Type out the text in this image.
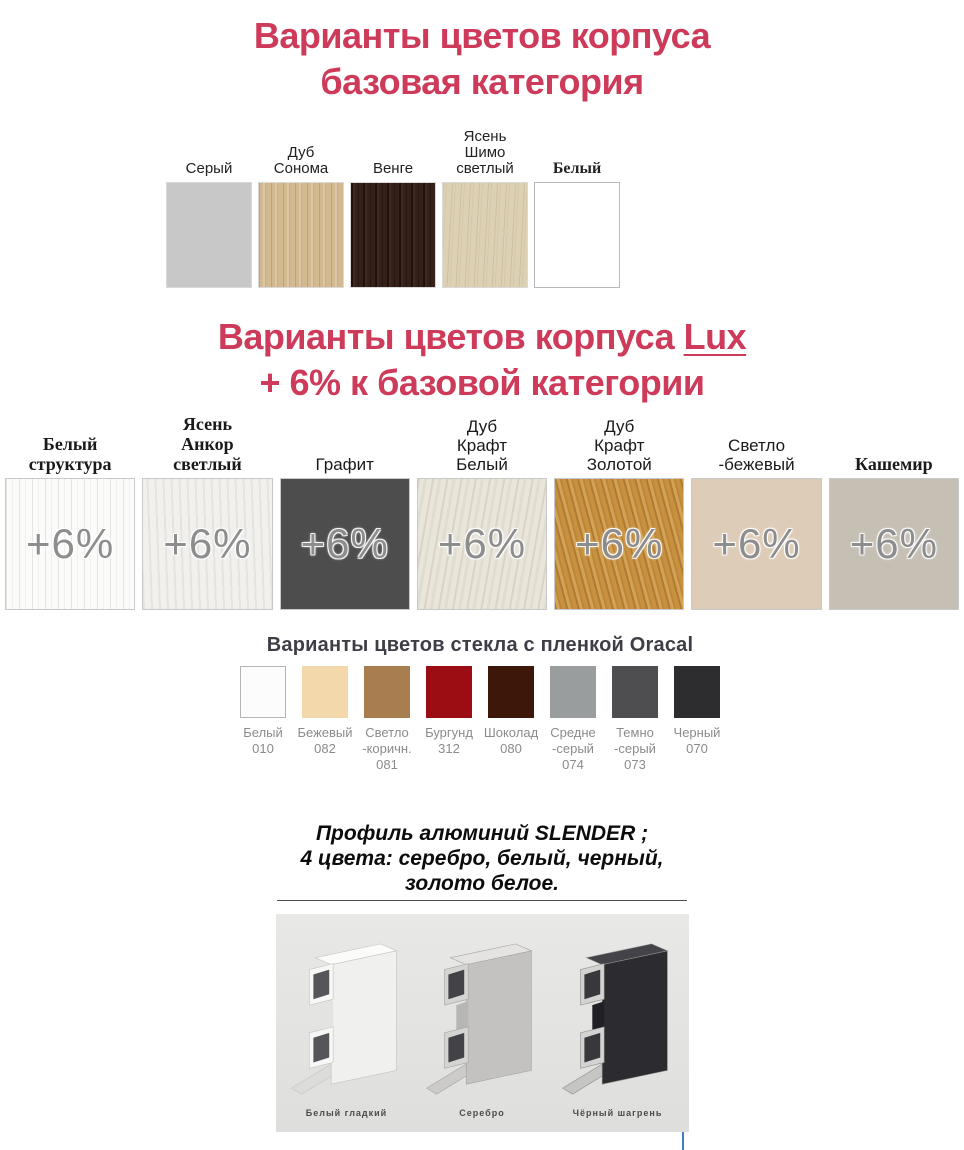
Варианты цветов корпуса
базовая категория
Серый
Дуб Сонома	Венге
Ясень Шимо светлый Белый
Варианты цветов корпуса Lux
+ 6% к базовой категории
Белый структура
Ясень Анкор светлый	Графит
Дуб Крафт Белый
Дуб Крафт Золотой
Светло -бежевый	Кашемир
+6% +6% +6% +6% +6% +6% +6%
Варианты цветов стекла с пленкой Oracal
Белый
010
Бежевый
082
Светло -коричн.
081
Бургунд
312
Шоколад
080
Средне -серый
074
Темно -серый
073
Черный
070
Профиль алюминий SLENDER ;
4 цвета: серебро, белый, черный,
золото белое.
Белый гладкий	Серебро	Чёрный шагрень
